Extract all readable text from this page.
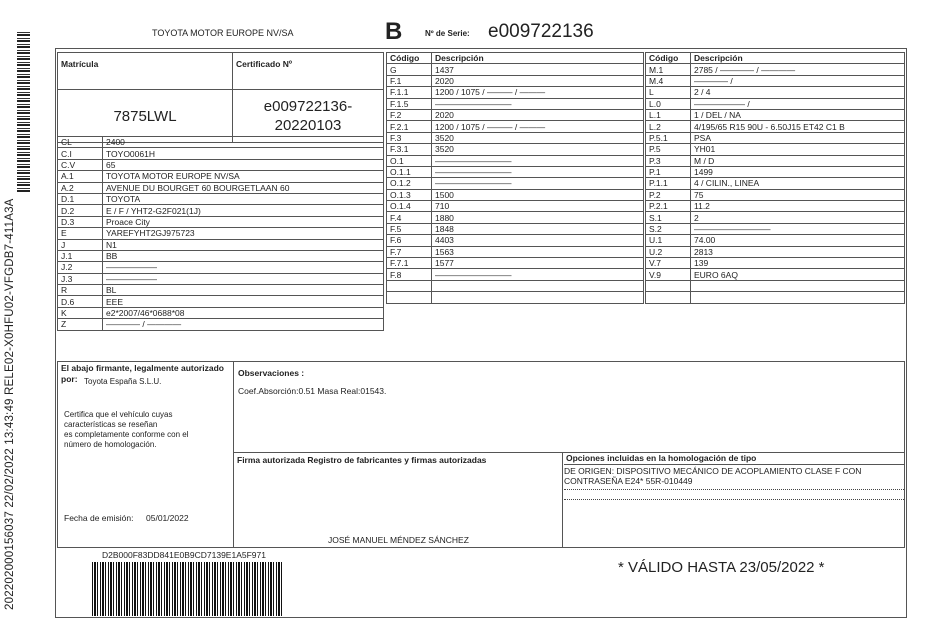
TOYOTA MOTOR EUROPE NV/SA	B	Nº de Serie: e009722136
Matrícula	Certificado Nº
7875LWL	e009722136-
20220103
CL	2400
C.I	TOYO0061H
C.V	65
A.1	TOYOTA MOTOR EUROPE NV/SA
A.2	AVENUE DU BOURGET 60 BOURGETLAAN 60
D.1	TOYOTA
D.2	E / F / YHT2-G2F021(1J)
D.3	Proace City
E	YAREFYHT2GJ975723
J	N1
J.1	BB
J.2	——————
J.3	——————
R	BL
D.6	EEE
K	e2*2007/46*0688*08
Z	———— / ————
Código	Descripción
G	1437
F.1	2020
F.1.1	1200 / 1075 / ——— / ———
F.1.5	—————————
F.2	2020
F.2.1	1200 / 1075 / ——— / ———
F.3	3520
F.3.1	3520
O.1	—————————
O.1.1	—————————
O.1.2	—————————
O.1.3	1500
O.1.4	710
F.4	1880
F.5	1848
F.6	4403
F.7	1563
F.7.1	1577
F.8	—————————

Código	Descripción
M.1	2785 / ———— / ————
M.4	———— /
L	2 / 4
L.0	—————— /
L.1	1 / DEL / NA
L.2	4/195/65 R15 90U - 6.50J15 ET42 C1 B
P.5.1	PSA
P.5	YH01
P.3	M / D
P.1	1499
P.1.1	4 / CILIN., LINEA
P.2	75
P.2.1	11.2
S.1	2
S.2	—————————
U.1	74.00
U.2	2813
V.7	139
V.9	EURO 6AQ

El abajo firmante, legalmente autorizado
por: Toyota España S.L.U.
Certifica que el vehículo cuyas
características se reseñan
es completamente conforme con el
número de homologación.
Fecha de emisión: 05/01/2022
Observaciones :
Coef.Absorción:0.51 Masa Real:01543.
Firma autorizada Registro de fabricantes y firmas autorizadas
JOSÉ MANUEL MÉNDEZ SÁNCHEZ
Opciones incluidas en la homologación de tipo
DE ORIGEN: DISPOSITIVO MECÁNICO DE ACOPLAMIENTO CLASE F CON
CONTRASEÑA E24* 55R-010449
D2B000F83DD841E0B9CD7139E1A5F971
* VÁLIDO HASTA 23/05/2022 *
202202000156037 22/02/2022 13:43:49 RELE02-X0HFU02-VFGDB7-411A3A
